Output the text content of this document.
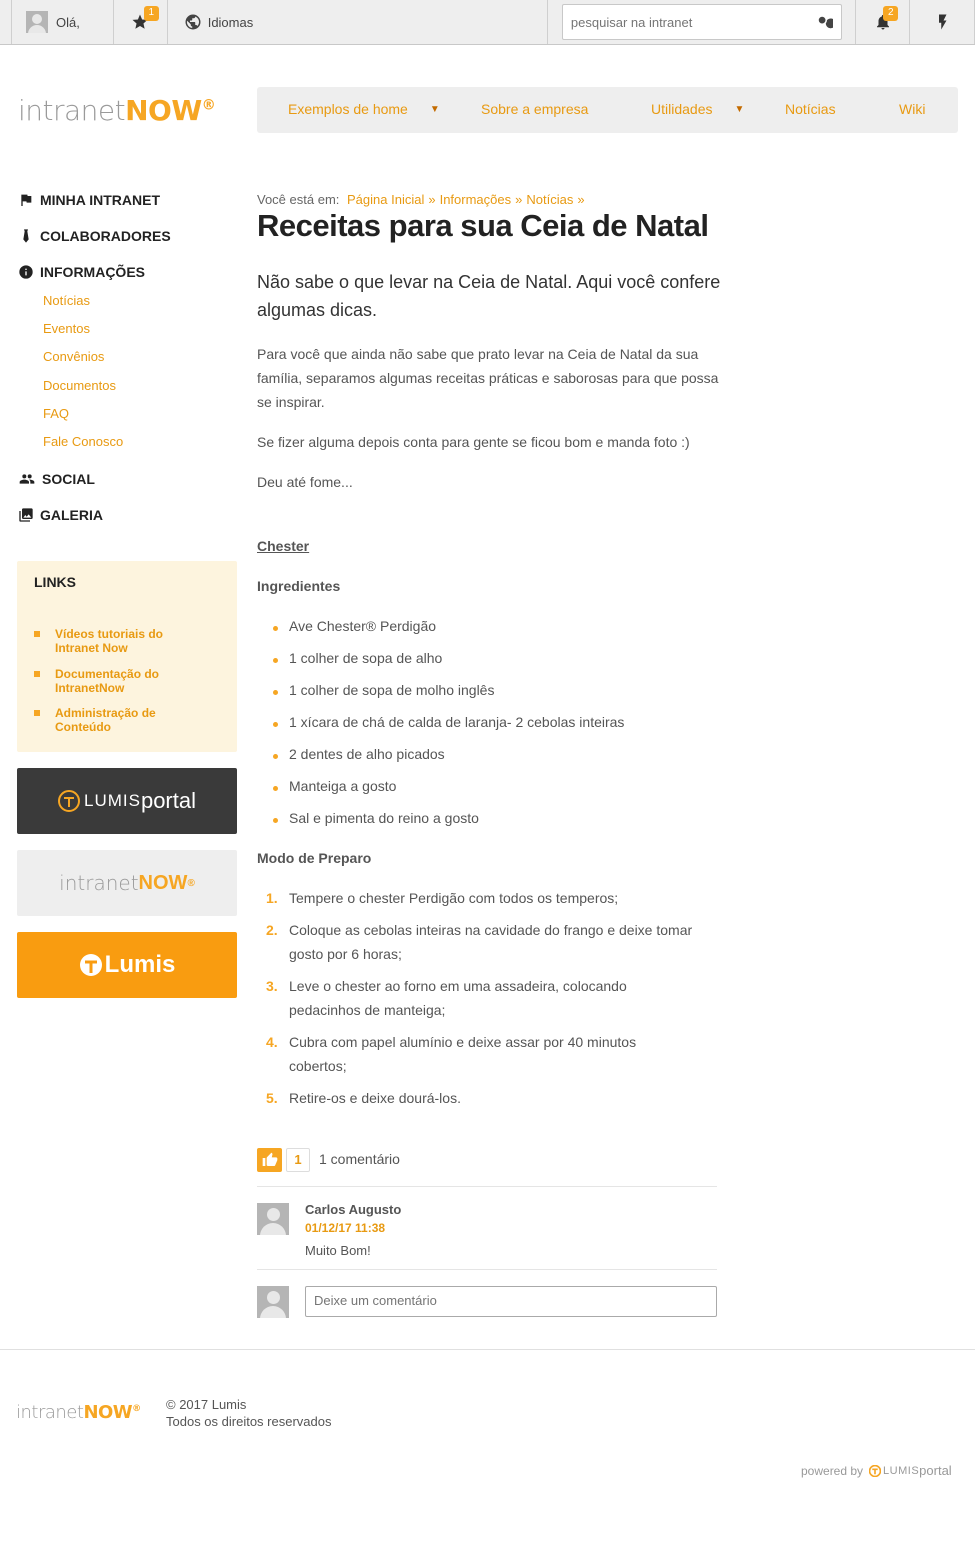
Olá,
1
Idiomas
pesquisar na intranet
2
intranetNOW®	Exemplos de home ▼	Sobre a empresa	Utilidades ▼	Notícias	Wiki
MINHA INTRANET
COLABORADORES
INFORMAÇÕES
Notícias
Eventos
Convênios
Documentos
FAQ
Fale Conosco
SOCIAL
GALERIA
LINKS
Vídeos tutoriais do
Intranet Now
Documentação do
IntranetNow
Administração de
Conteúdo
LUMIS portal
intranet NOW ®
Lumis
Você está em: Página Inicial » Informações » Notícias »
Receitas para sua Ceia de Natal

Não sabe o que levar na Ceia de Natal. Aqui você confere algumas dicas.

Para você que ainda não sabe que prato levar na Ceia de Natal da sua família, separamos algumas receitas práticas e saborosas para que possa se inspirar.

Se fizer alguma depois conta para gente se ficou bom e manda foto :)

Deu até fome...

Chester
Ingredientes
Ave Chester® Perdigão
1 colher de sopa de alho
1 colher de sopa de molho inglês
1 xícara de chá de calda de laranja- 2 cebolas inteiras
2 dentes de alho picados
Manteiga a gosto
Sal e pimenta do reino a gosto
Modo de Preparo
1. Tempere o chester Perdigão com todos os temperos;
2. Coloque as cebolas inteiras na cavidade do frango e deixe tomar gosto por 6 horas;
3. Leve o chester ao forno em uma assadeira, colocando pedacinhos de manteiga;
4. Cubra com papel alumínio e deixe assar por 40 minutos cobertos;
5. Retire-os e deixe dourá-los.
1	1 comentário
Carlos Augusto
01/12/17 11:38
Muito Bom!
Deixe um comentário
intranetNOW® © 2017 Lumis
Todos os direitos reservados
powered by LUMIS portal
